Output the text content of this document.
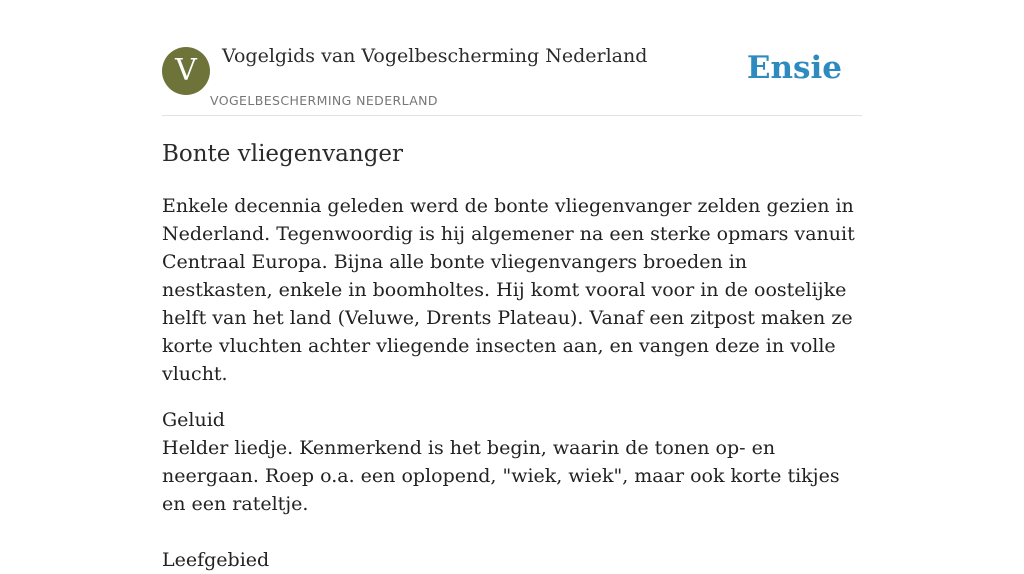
V	Vogelgids van Vogelbescherming Nederland
VOGELBESCHERMING NEDERLAND
Ensie
Bonte vliegenvanger

Enkele decennia geleden werd de bonte vliegenvanger zelden gezien in Nederland. Tegenwoordig is hij algemener na een sterke opmars vanuit Centraal Europa. Bijna alle bonte vliegenvangers broeden in nestkasten, enkele in boomholtes. Hij komt vooral voor in de oostelijke helft van het land (Veluwe, Drents Plateau). Vanaf een zitpost maken ze korte vluchten achter vliegende insecten aan, en vangen deze in volle vlucht.

Geluid
Helder liedje. Kenmerkend is het begin, waarin de tonen op- en neergaan. Roep o.a. een oplopend, "wiek, wiek", maar ook korte tikjes en een rateltje.
Leefgebied
